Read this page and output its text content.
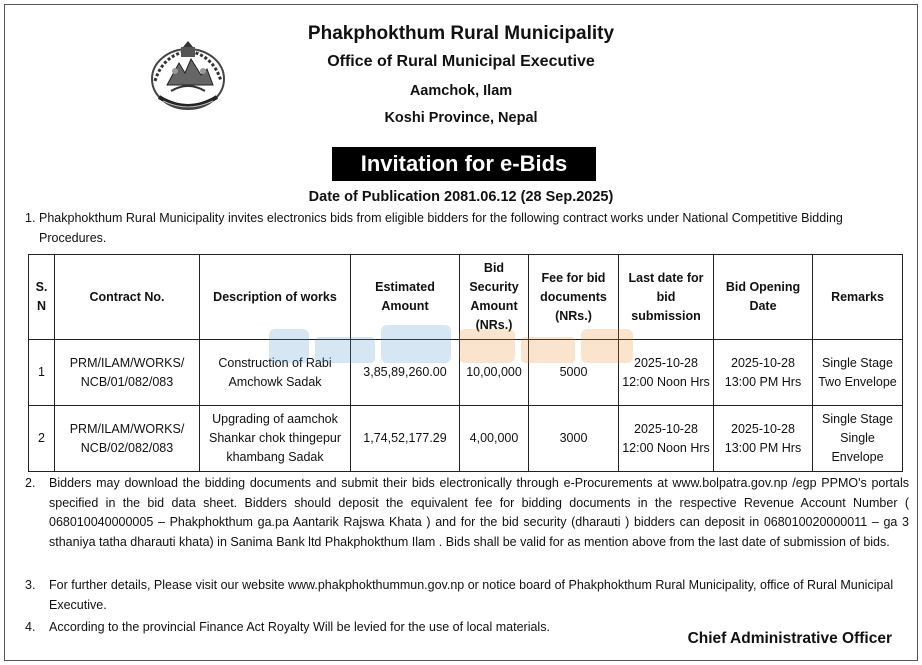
Phakphokthum Rural Municipality
Office of Rural Municipal Executive
Aamchok, Ilam
Koshi Province, Nepal
Invitation for e-Bids
Date of Publication 2081.06.12 (28 Sep.2025)
1. Phakphokthum Rural Municipality invites electronics bids from eligible bidders for the following contract works under National Competitive Bidding Procedures.
S. N	Contract No.	Description of works	Estimated Amount	Bid Security Amount (NRs.)	Fee for bid documents (NRs.)	Last date for bid submission	Bid Opening Date	Remarks
1	PRM/ILAM/WORKS/ NCB/01/082/083	Construction of Rabi Amchowk Sadak	3,85,89,260.00	10,00,000	5000	2025-10-28 12:00 Noon Hrs	2025-10-28 13:00 PM Hrs	Single Stage Two Envelope
2	PRM/ILAM/WORKS/ NCB/02/082/083	Upgrading of aamchok Shankar chok thingepur khambang Sadak	1,74,52,177.29	4,00,000	3000	2025-10-28 12:00 Noon Hrs	2025-10-28 13:00 PM Hrs	Single Stage Single Envelope
2.	Bidders may download the bidding documents and submit their bids electronically through e-Procurements at www.bolpatra.gov.np /egp PPMO's portals specified in the bid data sheet. Bidders should deposit the equivalent fee for bidding documents in the respective Revenue Account Number ( 068010040000005 – Phakphokthum ga.pa Aantarik Rajswa Khata ) and for the bid security (dharauti ) bidders can deposit in 068010020000011 – ga 3 sthaniya tatha dharauti khata) in Sanima Bank ltd Phakphokthum Ilam . Bids shall be valid for as mention above from the last date of submission of bids.
3.	For further details, Please visit our website www.phakphokthummun.gov.np or notice board of Phakphokthum Rural Municipality, office of Rural Municipal Executive.
4.	According to the provincial Finance Act Royalty Will be levied for the use of local materials.
Chief Administrative Officer
